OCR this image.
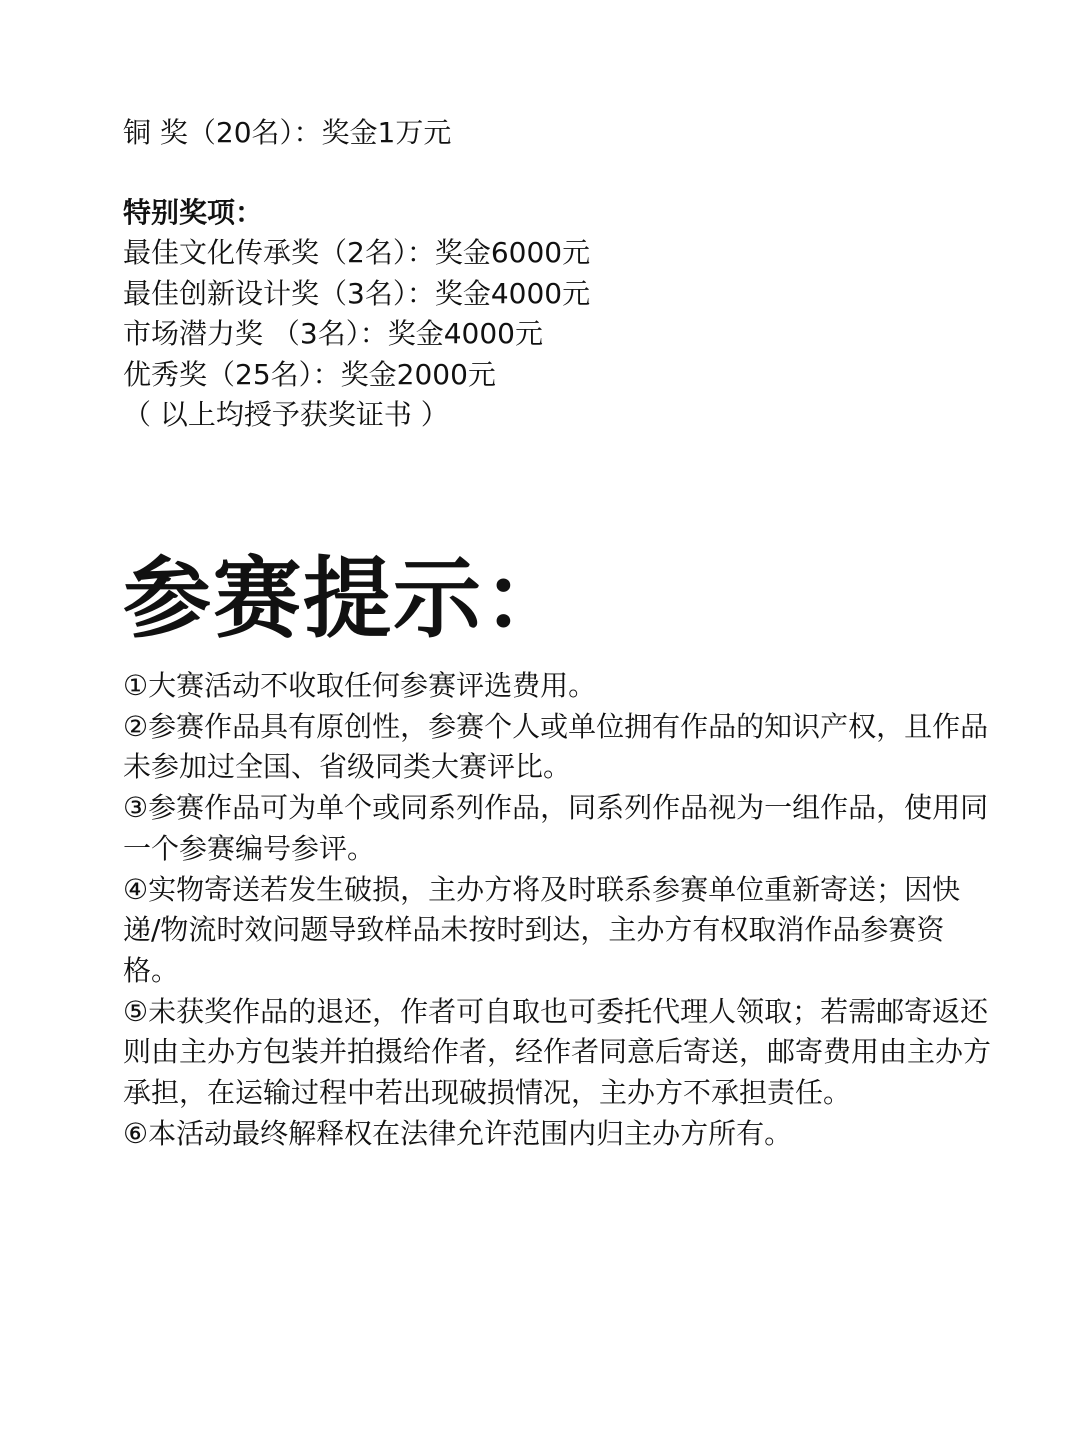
铜 奖（20名）：奖金1万元
特别奖项：
最佳文化传承奖（2名）：奖金6000元
最佳创新设计奖（3名）：奖金4000元
市场潜力奖 （3名）：奖金4000元
优秀奖（25名）：奖金2000元
（ 以上均授予获奖证书 ）
参赛提示：
①大赛活动不收取任何参赛评选费用。
②参赛作品具有原创性，参赛个人或单位拥有作品的知识产权，且作品未参加过全国、省级同类大赛评比。
③参赛作品可为单个或同系列作品，同系列作品视为一组作品，使用同一个参赛编号参评。
④实物寄送若发生破损，主办方将及时联系参赛单位重新寄送；因快递/物流时效问题导致样品未按时到达，主办方有权取消作品参赛资格。
⑤未获奖作品的退还，作者可自取也可委托代理人领取；若需邮寄返还则由主办方包装并拍摄给作者，经作者同意后寄送，邮寄费用由主办方承担，在运输过程中若出现破损情况，主办方不承担责任。
⑥本活动最终解释权在法律允许范围内归主办方所有。
